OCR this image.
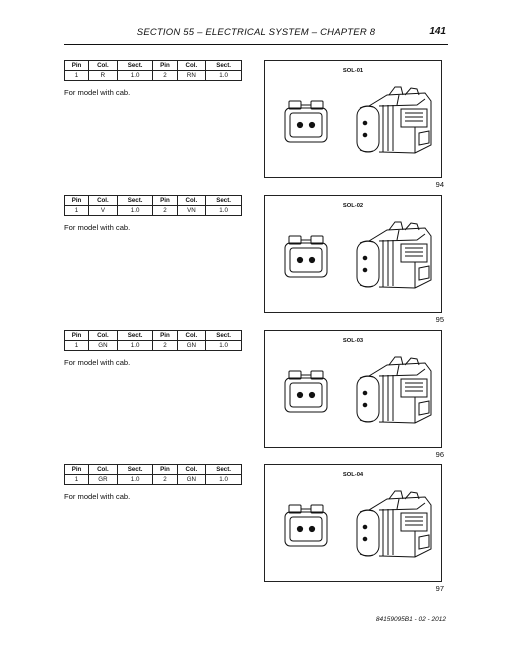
SECTION 55 – ELECTRICAL SYSTEM – CHAPTER 8	141
Pin	Col.	Sect.	Pin	Col.	Sect.
1	R	1.0	2	RN	1.0
For model with cab.
SOL-01
94
Pin	Col.	Sect.	Pin	Col.	Sect.
1	V	1.0	2	VN	1.0
For model with cab.
SOL-02
95
Pin	Col.	Sect.	Pin	Col.	Sect.
1	GN	1.0	2	GN	1.0
For model with cab.
SOL-03
96
Pin	Col.	Sect.	Pin	Col.	Sect.
1	GR	1.0	2	GN	1.0
For model with cab.
SOL-04
97
84159095B1 - 02 - 2012
